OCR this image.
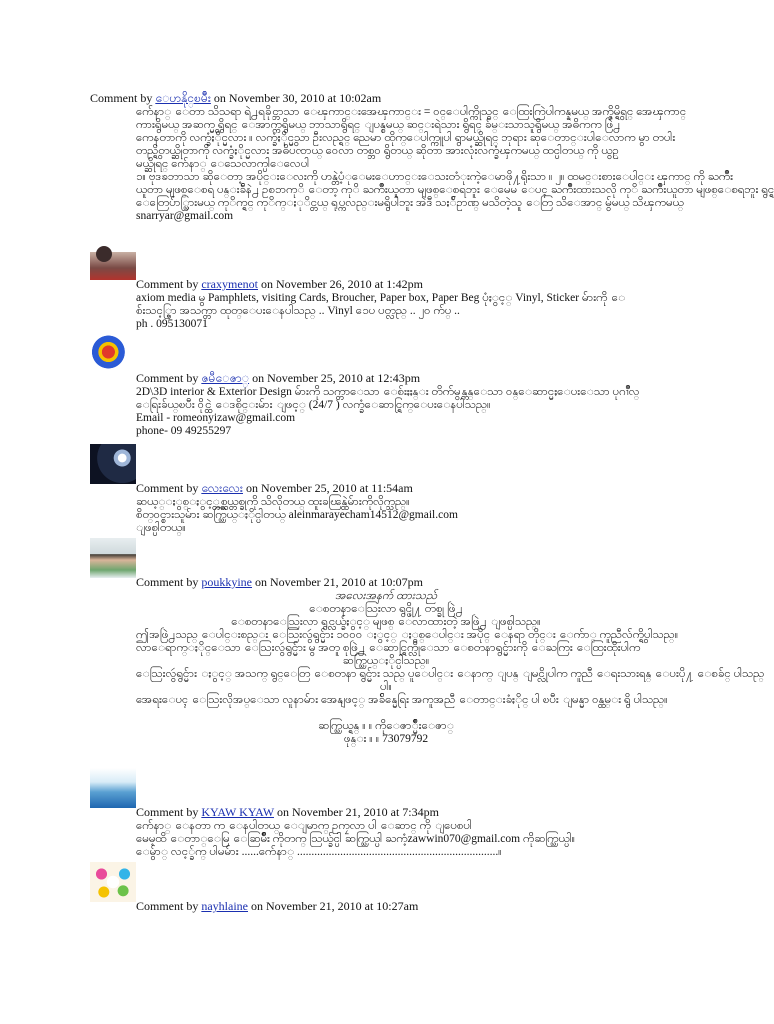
Comment by ေဟနိုင္ၿမိဳး on November 30, 2010 at 10:02am
က်ေနာ္ ေတာ သိသရာ ရဲ႕ရခိုင္ဘာသာ ေၾကာင္းအေၾကာင္း = ဝင္ေပါက္ကိုသွင္ ေထြးကြဲပါကန္နမယ္ အက္ဇိမ္ရွိရင္ အေၾကာင္
ကားရွိမယ္ အဆက္မွ ရွိရင္ ေအာက္ကရွိမယ္ ဘာသာရွိရင္ ျပန္စမယ္ ဆင္းရဲသား ရွိရင္ ခ်မ္းသာသူရွိမယ္ အဓိကက ဖြဲ႕
ကေနတာကို လက္ခံႏိုင္မလား ။ လက္ခံႏိုင္မွသာ ဦးလည္ရင္ ညေမာ ထိုက္ေပါက္ကူပါ ရွာမယ္ဆိုရင္ ဘုရား ဆုေတာင္းပါေလာက မွာ တပါး
တည္ရွိတယ္ဆိုတာကို လက္ခံႏိုင္မလား အဓိပၸာယ္ ဝေလာ တစ္ဘဝ ရွိတယ္ ဆိုတာ အားလုံးလက္ခံၾကမယ္ ထင္ပါတယ္ ကို ယွဥ္
မယ္ဆိုရင္ က်ေနာ္ ေသေလာက္ပါေလေပါ
၁။ ဗုဒၶဘာသာ ဆိုေတာ့ အပိုင္းေလးကို ဟန္တဲ့ပံုေမးေဟာင္းေသးတံုးကဲ့ေမာဖို႔ရိုးသာ ။ ၂။ ထမင္းစားေပါင္း ၾကာင္ ကို ႀကိဳး
ယူတာ မျဖစ္ေစရ ပန္းခ်ီနဲ႕ ဥစၥာကုိ ေတာ့ ကုိ ႀကိဳးယူတာ မျဖစ္ေစရဘူး ေမေမ ေပၚ ႀကိဳးထားသလို ကုိ ႀကိဳးယူတာ မျဖစ္ေစရဘူး ရွင္ရွ
ေတြေပ်ာ္သြားမယ္ ကုိက္ရင္ ကုိက္ႏုိင္တယ္ ရုပ္ကလည္းမရွိပါဘူး အဲဒီ သႏၲိဥာဏ္ မသိတဲ့သူ ေတြ သိေအာင္ မွ်မယ္ သိၾကမယ္
snarryar@gmail.com
Comment by craxymenot on November 26, 2010 at 1:42pm
axiom media မွ Pamphlets, visiting Cards, Broucher, Paper box, Paper Beg ပုံႏွင့္ Vinyl, Sticker မ်ားကို ေ
စ်းသင့္စြာ အသက္တာ ထုတ္ေပးေနပါသည္ .. Vinyl ၁ေပ ပတ္လည္ .. ၂၀ က်ပ္ ..
ph . 095130071
Comment by ဇမီေဇာ္ on November 25, 2010 at 12:43pm
2D\3D interior & Exterior Design မ်ားကို သက္တာေသာ ေစ်းႏႈန္း တိက်မွန္ကန္ေသာ ဝန္ေဆာင္မႈေပးေသာ ပုဂၢိဳလ္
ေရြးခ်ယ္ၿပီး ဝိုင္ထဲ ေဒစိုင္းမ်ား ျဖင့္ (24/7 ) လက္ခံေဆာင္ရြက္ေပးေနပါသည္။
Email - romeonyizaw@gmail.com
phone- 09 49255297
Comment by လေးလေး on November 25, 2010 at 11:54am
ဆယ့္ႏွစ္ႏွင့္တစ္ဆယ္တစ္ခုကို သိလိုတယ္ ထူးခၽြန္ထဲမ်ားကိုလိုက္သည္။
စိတ္ဝင္စားသူမ်ား ဆက္သြယ္ႏိုင္ပါတယ္ aleinmarayecham14512@gmail.com
ျဖစ္ပါတယ္။
Comment by poukkyine on November 21, 2010 at 10:07pm
အလေးအနက် ထားသည်
ေစတနာေသြးလာ ရွင္ဖို႔ တစ္ခု ဖြဲ႕
ေစတနာေသြးလာ ရွင္လယ္ခ်ႏွင့္ မျဖစ္ ေလာထားတဲ့ အဖြဲ႕ ျဖစ္ပါသည္။
ဤအဖြဲ႕သည္ ေပါင္းစည္း ေသြးလွဴရွင္မ်ား ၁၀၀၀ ႏွင့္ ႏွစ္ေပါင္း အပိုင္ ေနရာ တိုင္း ေက်ာ္ ကူညီလ်က္ရွိပါသည္။
လာေရာက္ႏိုင္ေသာ ေသြးလွဴရွင္မ်ား မွ အတူ စုဖြဲ႕ ေဆာင္ရြက္လိုေသာ ေစတနာရွင္မ်ားကို ေႀကြး ေထြးထိုးပါက
ဆက္သြယ္ႏိုင္ပါသည္။
ေသြးလွဴရွင္မ်ား ႏွင့္ အသက္ ရွင္ေတြ ေစတနာ ရွင္မ်ား သည္ ပူေပါင္း ေနာက္ ျပန္ ျမင္လိုပါက ကူညီ ေရးသားရန္ ေပးပို႔ ေစခ်င္ ပါသည္
ပါ။
အေရးေပၚ ေသြးလိုအပ္ေသာ လူနာမ်ား အေနျဖင့္ အခ်ိန္မေရြး အကူအညီ ေတာင္းခံႏိုင္ ပါ ၿပီး ျမန္မာ ဝန္ထမ္း ရွိ ပါသည္။
ဆက္သြယ္ရန္ ။ ။ ကိုေဇာ္မ်ိဳးေဇာ္
ဖုန္း ။ ။ 73079792
Comment by KYAW KYAW on November 21, 2010 at 7:34pm
က်ေနာ္ ေနတာ က ေနပါတယ္ ေျမာက္ ဥကၠလာ ပါ ေဆာင္ ကို ျပေစပါ
မေမ့ထိ ေတာ္ေမြ ေဆြမ်ိဳး ကိုတက္ သြယ္ခ်င္ပါ ဆက္သြယ္ပါ ႀကံ့zawwin070@gmail.com ကိုဆက္သြယ္ပါ။
ေမွ်ာ္ လင့္ခ်က္ ပါမမ်ား ......က်ေနာ္ ......................................................................။
Comment by nayhlaine on November 21, 2010 at 10:27am
